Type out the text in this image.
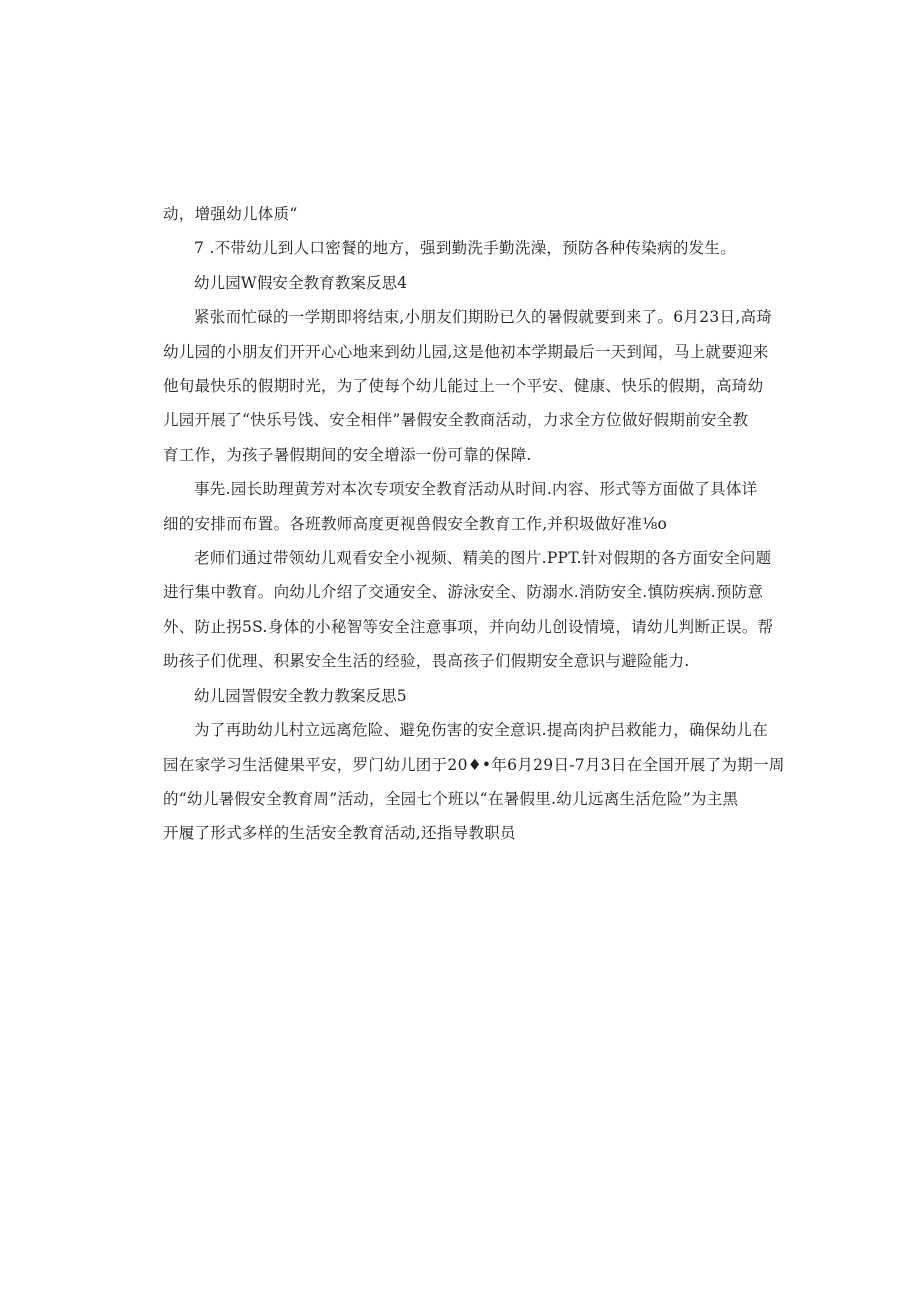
动，增强幼儿体质“
7 .不带幼儿到人口密餐的地方，强到勤洗手勤洗澡，预防各种传染病的发生。
幼儿园W假安全教育教案反思4
紧张而忙碌的一学期即将结束,小朋友们期盼已久的暑假就要到来了。6月23日,高琦
幼儿园的小朋友们开开心心地来到幼儿园,这是他初本学期最后一天到闻，马上就要迎来
他旬最快乐的假期时光，为了使每个幼儿能过上一个平安、健康、快乐的假期，高琦幼
儿园开展了“快乐号饯、安全相伴”暑假安全教商活动，力求全方位做好假期前安全教
育工作，为孩子暑假期间的安全增添一份可靠的保障.
事先.园长助理黄芳对本次专项安全教育活动从时间.内容、形式等方面做了具体详
细的安排而布置。各班教师高度更视兽假安全教育工作,并积圾做好准⅛o
老师们通过带领幼儿观看安全小视频、精美的图片.PPT.针对假期的各方面安全问题
进行集中教育。向幼儿介绍了交通安全、游泳安全、防溺水.消防安全.慎防疾病.预防意
外、防止拐5S.身体的小秘智等安全注意事项，并向幼儿创设情境，请幼儿判断正误。帮
助孩子们优理、积累安全生活的经验，畏高孩子们假期安全意识与避险能力.
幼儿园詈假安全教力教案反思5
为了再助幼儿村立远离危险、避免伤害的安全意识.提高肉护吕救能力，确保幼儿在
园在家学习生活健果平安，罗门幼儿团于20♦•年6月29日-7月3日在全国开展了为期一周
的“幼儿暑假安全教育周”活动，全园七个班以“在暑假里.幼儿远离生活危险”为主黑
开履了形式多样的生活安全教育活动,还指导教职员
